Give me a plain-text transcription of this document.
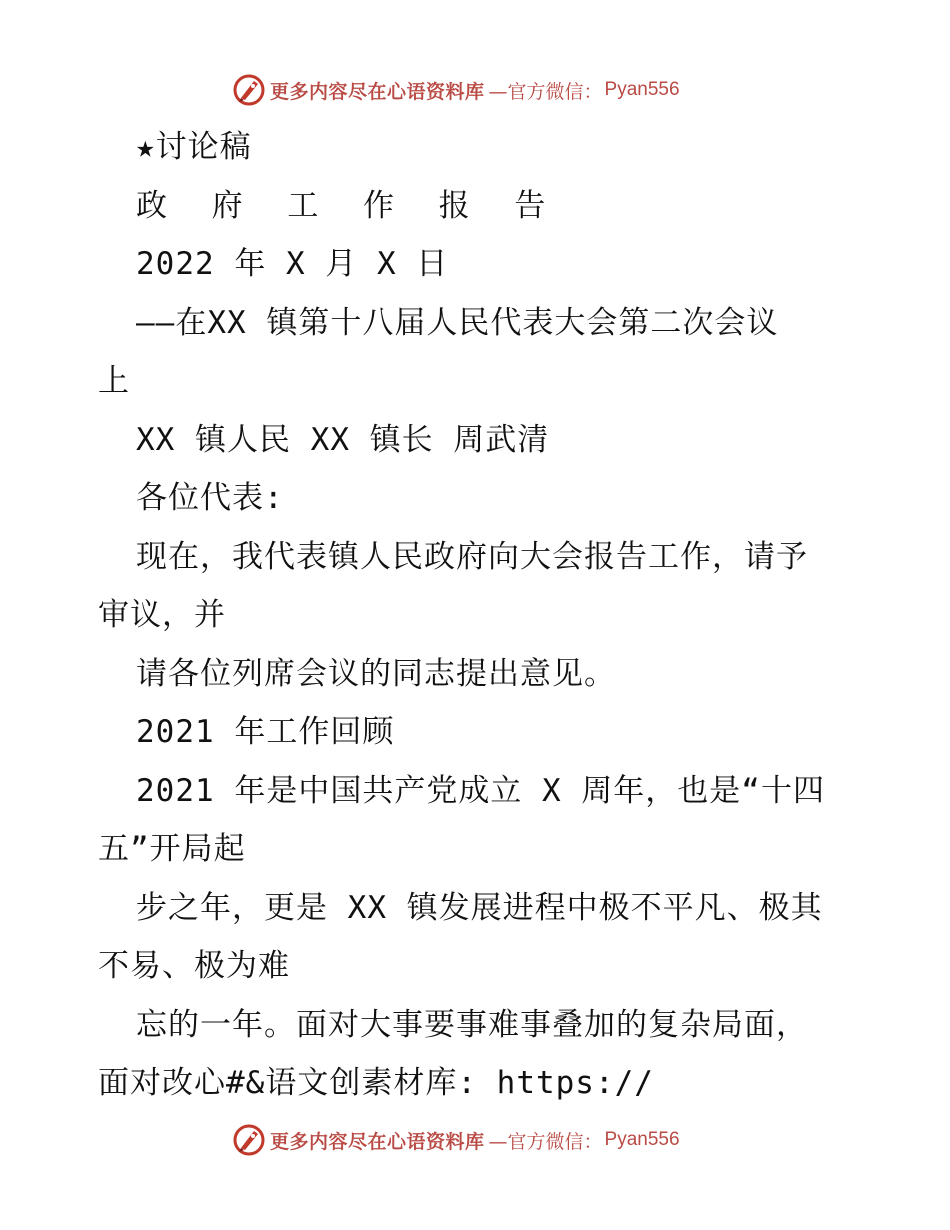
更多内容尽在心语资料库 —官方微信： Pyan556
★讨论稿
政 府 工 作 报 告
2022 年 X 月 X 日
——在XX 镇第十八届人民代表大会第二次会议
上
XX 镇人民 XX 镇长 周武清
各位代表:
现在，我代表镇人民政府向大会报告工作，请予
审议，并
请各位列席会议的同志提出意见。
2021 年工作回顾
2021 年是中国共产党成立 X 周年，也是“十四
五”开局起
步之年，更是 XX 镇发展进程中极不平凡、极其
不易、极为难
忘的一年。面对大事要事难事叠加的复杂局面，
面对改心#&语文创素材库: https://
更多内容尽在心语资料库 —官方微信： Pyan556
